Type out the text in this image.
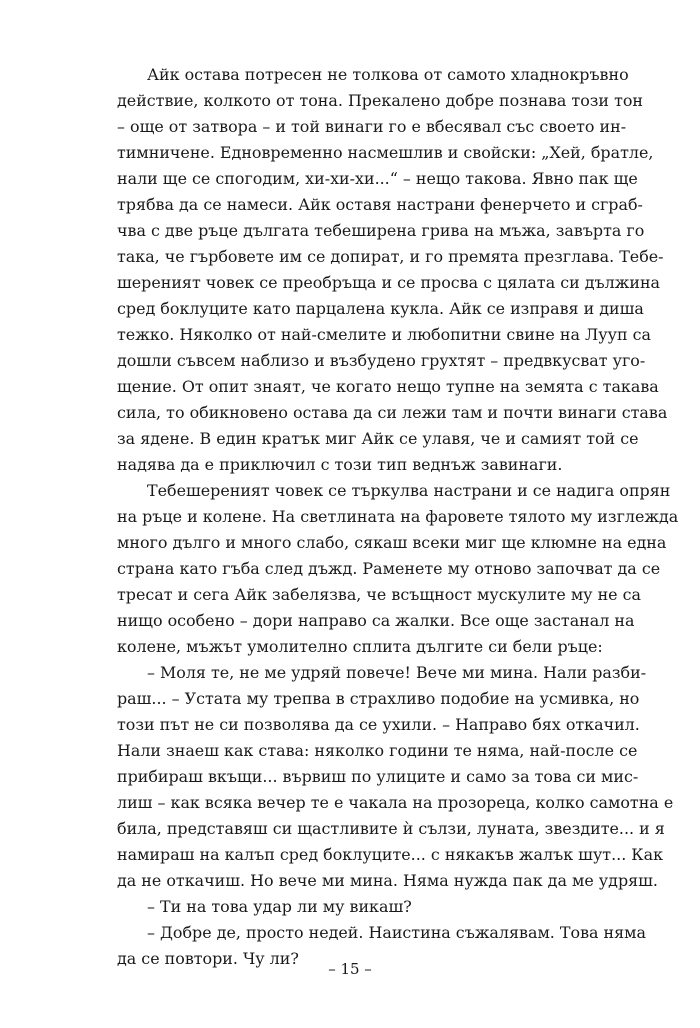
Айк остава потресен не толкова от самото хладнокръвно
действие, колкото от тона. Прекалено добре познава този тон
– още от затвора – и той винаги го е вбесявал със своето ин-
тимничене. Едновременно насмешлив и свойски: „Хей, братле,
нали ще се спогодим, хи-хи-хи...“ – нещо такова. Явно пак ще
трябва да се намеси. Айк оставя настрани фенерчето и сграб-
чва с две ръце дългата тебеширена грива на мъжа, завърта го
така, че гърбовете им се допират, и го премята презглава. Тебе-
шереният човек се преобръща и се просва с цялата си дължина
сред боклуците като парцалена кукла. Айк се изправя и диша
тежко. Няколко от най-смелите и любопитни свине на Лууп са
дошли съвсем наблизо и възбудено грухтят – предвкусват уго-
щение. От опит знаят, че когато нещо тупне на земята с такава
сила, то обикновено остава да си лежи там и почти винаги става
за ядене. В един кратък миг Айк се улавя, че и самият той се
надява да е приключил с този тип веднъж завинаги.
Тебешереният човек се търкулва настрани и се надига опрян
на ръце и колене. На светлината на фаровете тялото му изглежда
много дълго и много слабо, сякаш всеки миг ще клюмне на една
страна като гъба след дъжд. Раменете му отново започват да се
тресат и сега Айк забелязва, че всъщност мускулите му не са
нищо особено – дори направо са жалки. Все още застанал на
колене, мъжът умолително сплита дългите си бели ръце:
– Моля те, не ме удряй повече! Вече ми мина. Нали разби-
раш... – Устата му трепва в страхливо подобие на усмивка, но
този път не си позволява да се ухили. – Направо бях откачил.
Нали знаеш как става: няколко години те няма, най-после се
прибираш вкъщи... вървиш по улиците и само за това си мис-
лиш – как всяка вечер те е чакала на прозореца, колко самотна е
била, представяш си щастливите ѝ сълзи, луната, звездите... и я
намираш на калъп сред боклуците... с някакъв жалък шут... Как
да не откачиш. Но вече ми мина. Няма нужда пак да ме удряш.
– Ти на това удар ли му викаш?
– Добре де, просто недей. Наистина съжалявам. Това няма
да се повтори. Чу ли?
– 15 –
